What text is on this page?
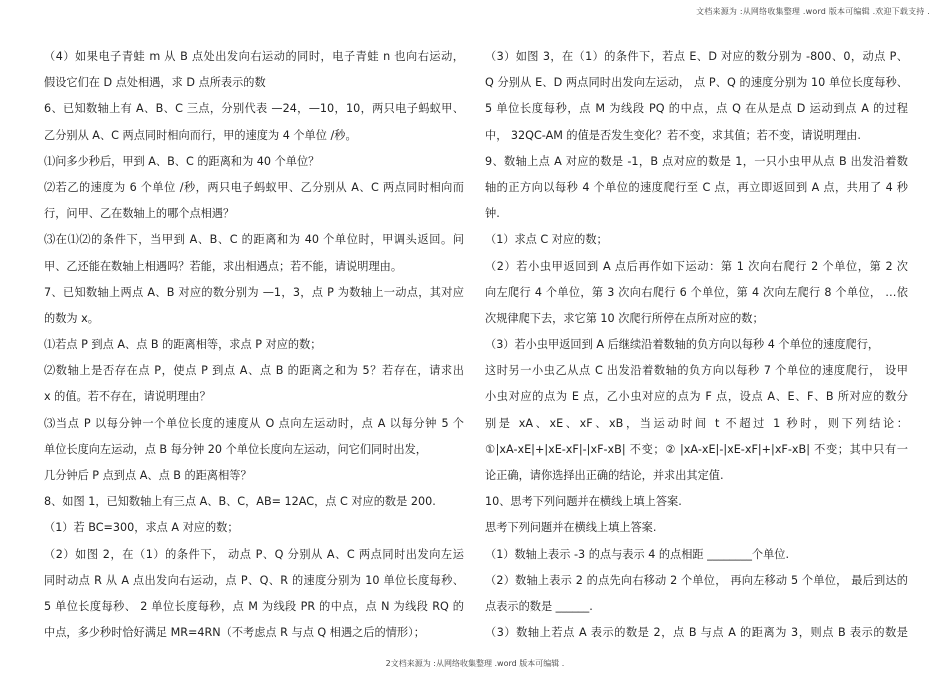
文档来源为 :从网络收集整理 .word 版本可编辑 .欢迎下载支持 .
（4）如果电子青蛙 m 从 B 点处出发向右运动的同时，电子青蛙 n 也向右运动，
假设它们在 D 点处相遇，求 D 点所表示的数
6、已知数轴上有 A、B、C 三点，分别代表 —24，—10，10，两只电子蚂蚁甲、
乙分别从 A、C 两点同时相向而行，甲的速度为 4 个单位 /秒。
⑴问多少秒后，甲到 A、B、C 的距离和为 40 个单位？
⑵若乙的速度为 6 个单位 /秒，两只电子蚂蚁甲、乙分别从 A、C 两点同时相向而
行，问甲、乙在数轴上的哪个点相遇？
⑶在⑴⑵的条件下，当甲到 A、B、C 的距离和为 40 个单位时，甲调头返回。问
甲、乙还能在数轴上相遇吗？若能，求出相遇点；若不能，请说明理由。
7、已知数轴上两点 A、B 对应的数分别为 —1，3，点 P 为数轴上一动点，其对应
的数为 x。
⑴若点 P 到点 A、点 B 的距离相等，求点 P 对应的数；
⑵数轴上是否存在点 P，使点 P 到点 A、点 B 的距离之和为 5？若存在，请求出
x 的值。若不存在，请说明理由？
⑶当点 P 以每分钟一个单位长度的速度从 O 点向左运动时，点 A 以每分钟 5 个
单位长度向左运动，点 B 每分钟 20 个单位长度向左运动，问它们同时出发，
几分钟后 P 点到点 A、点 B 的距离相等？
8、如图 1，已知数轴上有三点 A、B、C，AB= 12AC，点 C 对应的数是 200.
（1）若 BC=300，求点 A 对应的数；
（2）如图 2，在（1）的条件下， 动点 P、Q 分别从 A、C 两点同时出发向左运
同时动点 R 从 A 点出发向右运动，点 P、Q、R 的速度分别为 10 单位长度每秒、
5 单位长度每秒、 2 单位长度每秒，点 M 为线段 PR 的中点，点 N 为线段 RQ 的
中点，多少秒时恰好满足 MR=4RN（不考虑点 R 与点 Q 相遇之后的情形）；
（3）如图 3，在（1）的条件下，若点 E、D 对应的数分别为 -800、0，动点 P、
Q 分别从 E、D 两点同时出发向左运动， 点 P、Q 的速度分别为 10 单位长度每秒、
5 单位长度每秒，点 M 为线段 PQ 的中点，点 Q 在从是点 D 运动到点 A 的过程
中， 32QC-AM 的值是否发生变化？若不变，求其值；若不变，请说明理由.
9、数轴上点 A 对应的数是 -1，B 点对应的数是 1，一只小虫甲从点 B 出发沿着数
轴的正方向以每秒 4 个单位的速度爬行至 C 点，再立即返回到 A 点，共用了 4 秒
钟.
（1）求点 C 对应的数；
（2）若小虫甲返回到 A 点后再作如下运动：第 1 次向右爬行 2 个单位，第 2 次
向左爬行 4 个单位，第 3 次向右爬行 6 个单位，第 4 次向左爬行 8 个单位， …依
次规律爬下去，求它第 10 次爬行所停在点所对应的数；
（3）若小虫甲返回到 A 后继续沿着数轴的负方向以每秒 4 个单位的速度爬行，
这时另一小虫乙从点 C 出发沿着数轴的负方向以每秒 7 个单位的速度爬行， 设甲
小虫对应的点为 E 点，乙小虫对应的点为 F 点，设点 A、E、F、B 所对应的数分
别是 xA、xE、xF、xB，当运动时间 t 不超过 1 秒时，则下列结论：
①|xA-xE|+|xE-xF|-|xF-xB| 不变；② |xA-xE|-|xE-xF|+|xF-xB| 不变；其中只有一
论正确，请你选择出正确的结论，并求出其定值.
10、思考下列问题并在横线上填上答案.
思考下列问题并在横线上填上答案.
（1）数轴上表示 -3 的点与表示 4 的点相距 ________个单位.
（2）数轴上表示 2 的点先向右移动 2 个单位， 再向左移动 5 个单位， 最后到达的
点表示的数是 ______.
（3）数轴上若点 A 表示的数是 2，点 B 与点 A 的距离为 3，则点 B 表示的数是
2文档来源为 :从网络收集整理 .word 版本可编辑 .
